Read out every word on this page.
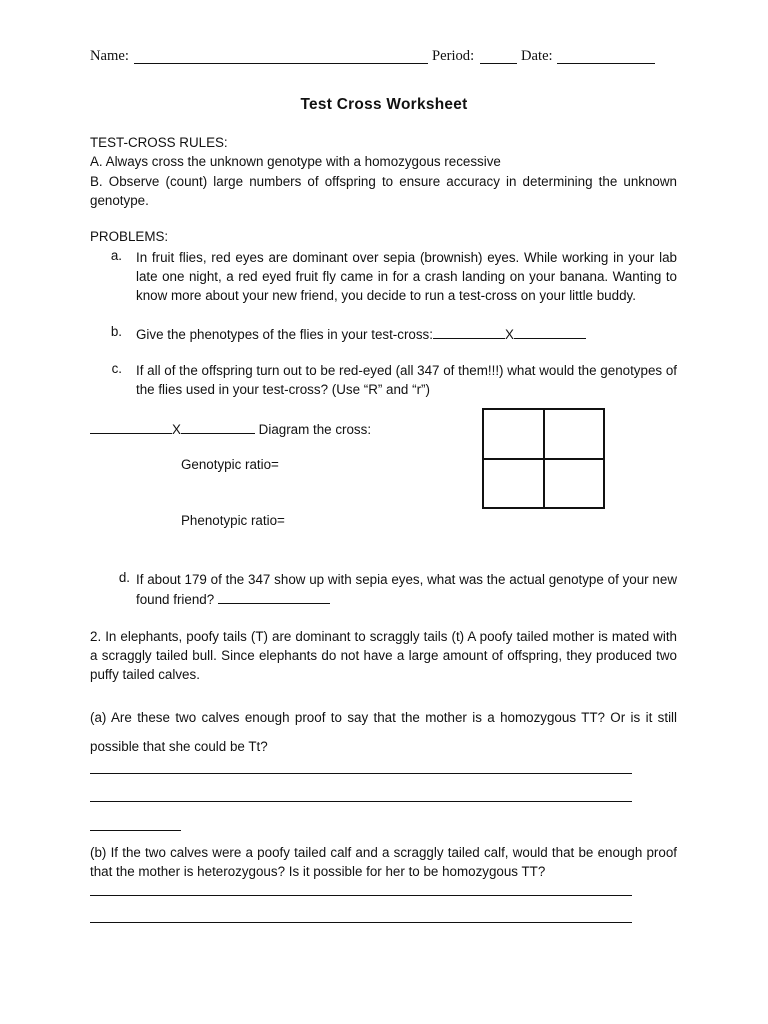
Name:	Period:	Date:
Test Cross Worksheet
TEST-CROSS RULES:
A. Always cross the unknown genotype with a homozygous recessive
B. Observe (count) large numbers of offspring to ensure accuracy in determining the unknown genotype.
PROBLEMS:
a. In fruit flies, red eyes are dominant over sepia (brownish) eyes. While working in your lab late one night, a red eyed fruit fly came in for a crash landing on your banana. Wanting to know more about your new friend, you decide to run a test-cross on your little buddy.
b. Give the phenotypes of the flies in your test-cross:	X
c. If all of the offspring turn out to be red-eyed (all 347 of them!!!) what would the genotypes of the flies used in your test-cross? (Use “R” and “r”)
X	Diagram the cross:
Genotypic ratio=
Phenotypic ratio=
d. If about 179 of the 347 show up with sepia eyes, what was the actual genotype of your new found friend?
2. In elephants, poofy tails (T) are dominant to scraggly tails (t) A poofy tailed mother is mated with a scraggly tailed bull. Since elephants do not have a large amount of offspring, they produced two puffy tailed calves.
(a) Are these two calves enough proof to say that the mother is a homozygous TT? Or is it still possible that she could be Tt?
(b) If the two calves were a poofy tailed calf and a scraggly tailed calf, would that be enough proof that the mother is heterozygous? Is it possible for her to be homozygous TT?
